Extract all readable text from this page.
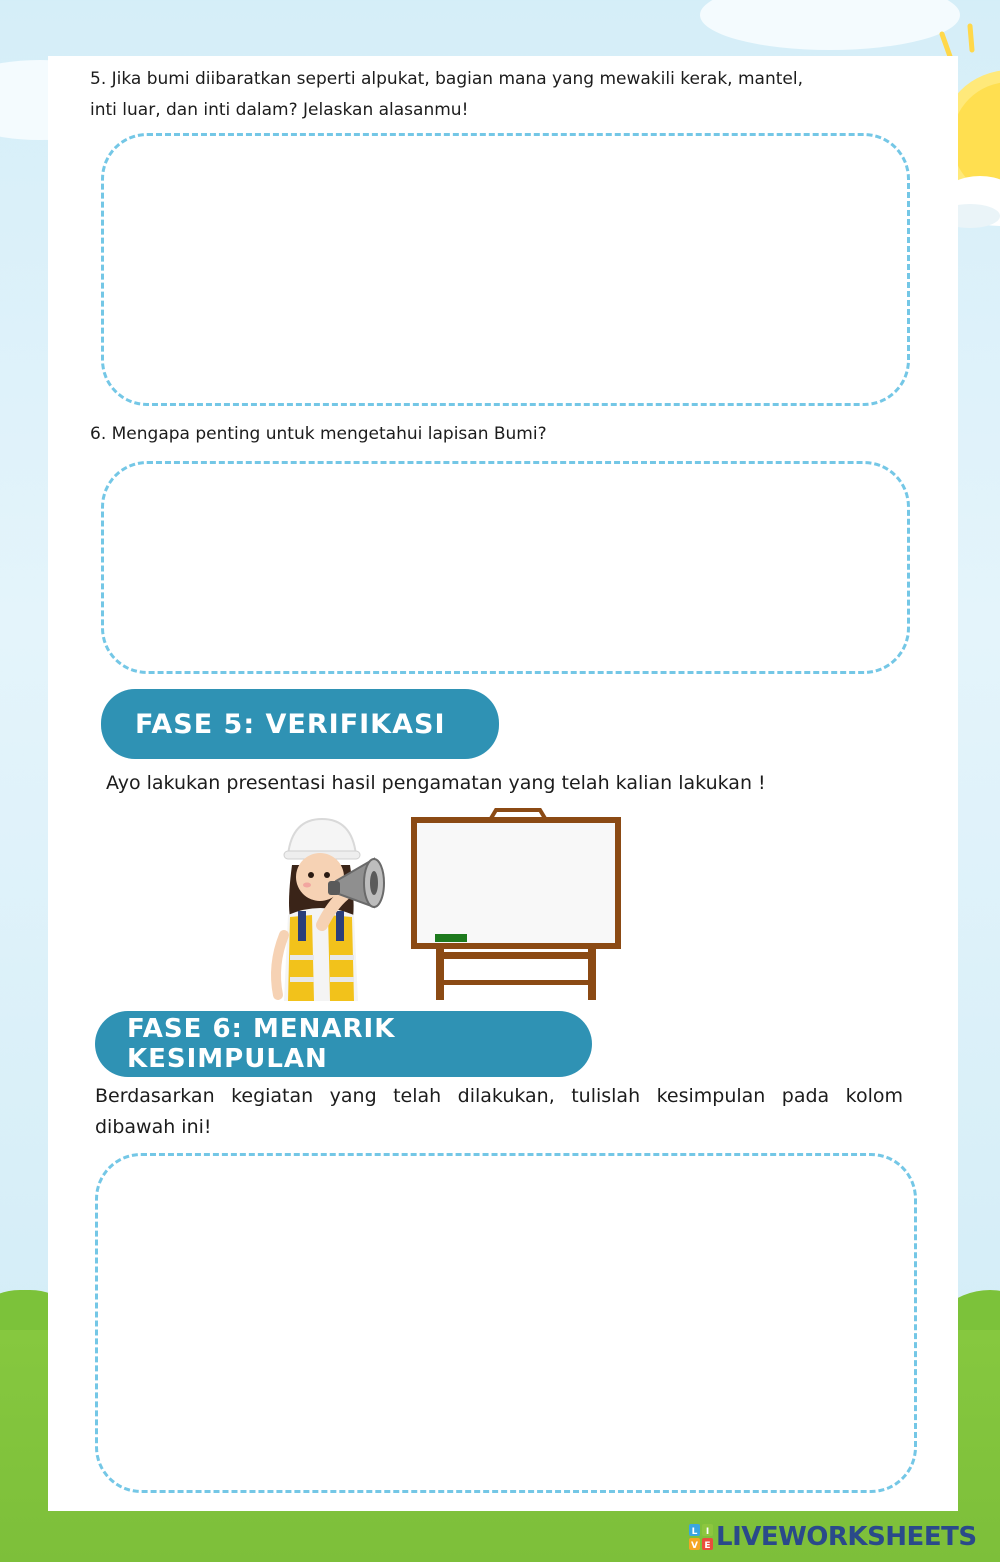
5. Jika bumi diibaratkan seperti alpukat, bagian mana yang mewakili kerak, mantel,
inti luar, dan inti dalam? Jelaskan alasanmu!
6. Mengapa penting untuk mengetahui lapisan Bumi?
FASE 5: VERIFIKASI
Ayo lakukan presentasi hasil pengamatan yang telah kalian lakukan !
FASE 6: MENARIK KESIMPULAN
Berdasarkan kegiatan yang telah dilakukan, tulislah kesimpulan pada kolom
dibawah ini!
L I
V E LIVEWORKSHEETS
